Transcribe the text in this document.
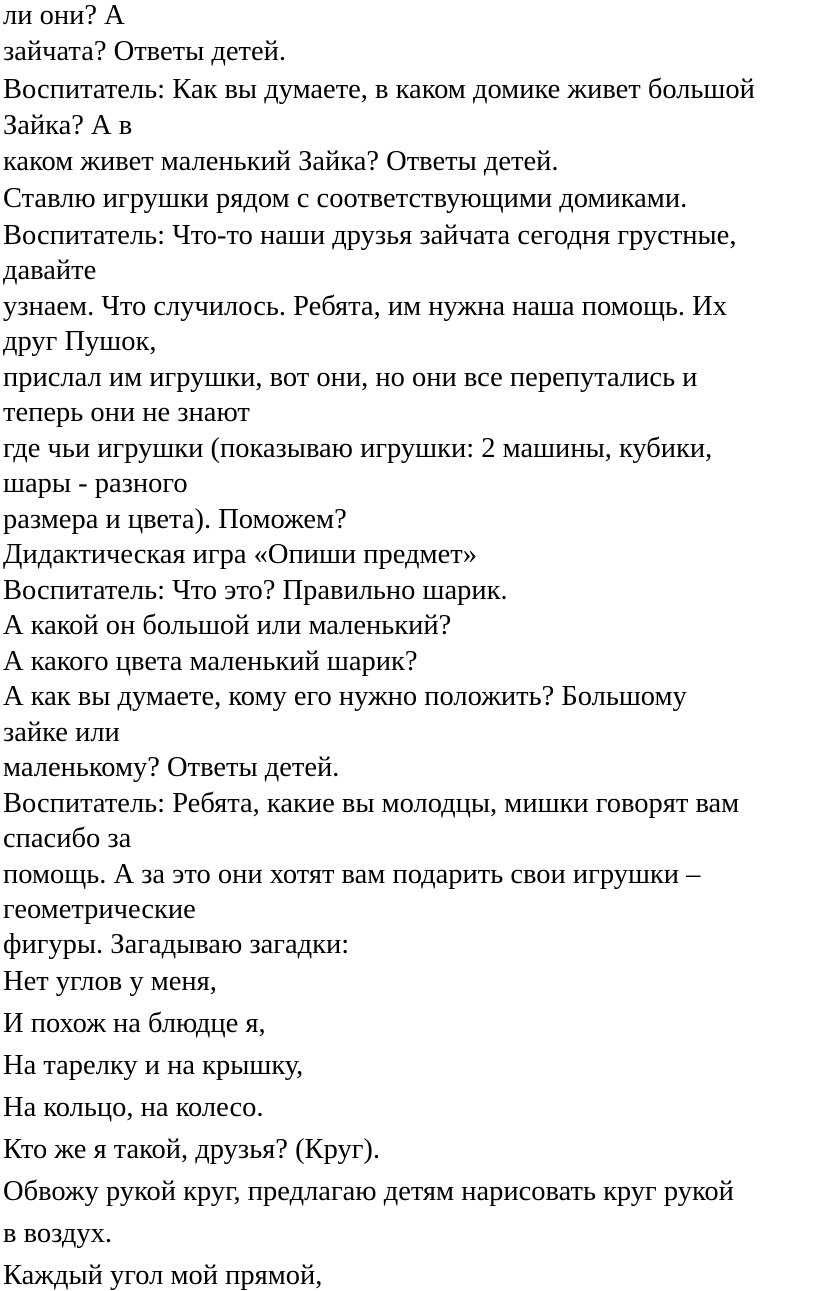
ли они? А
зайчата? Ответы детей.
Воспитатель: Как вы думаете, в каком домике живет большой
Зайка? А в
каком живет маленький Зайка? Ответы детей.
Ставлю игрушки рядом с соответствующими домиками.
Воспитатель: Что-то наши друзья зайчата сегодня грустные,
давайте
узнаем. Что случилось. Ребята, им нужна наша помощь. Их
друг Пушок,
прислал им игрушки, вот они, но они все перепутались и
теперь они не знают
где чьи игрушки (показываю игрушки: 2 машины, кубики,
шары - разного
размера и цвета). Поможем?
Дидактическая игра «Опиши предмет»
Воспитатель: Что это? Правильно шарик.
А какой он большой или маленький?
А какого цвета маленький шарик?
А как вы думаете, кому его нужно положить? Большому
зайке или
маленькому? Ответы детей.
Воспитатель: Ребята, какие вы молодцы, мишки говорят вам
спасибо за
помощь. А за это они хотят вам подарить свои игрушки –
геометрические
фигуры. Загадываю загадки:
Нет углов у меня,
И похож на блюдце я,
На тарелку и на крышку,
На кольцо, на колесо.
Кто же я такой, друзья? (Круг).
Обвожу рукой круг, предлагаю детям нарисовать круг рукой
в воздух.
Каждый угол мой прямой,
